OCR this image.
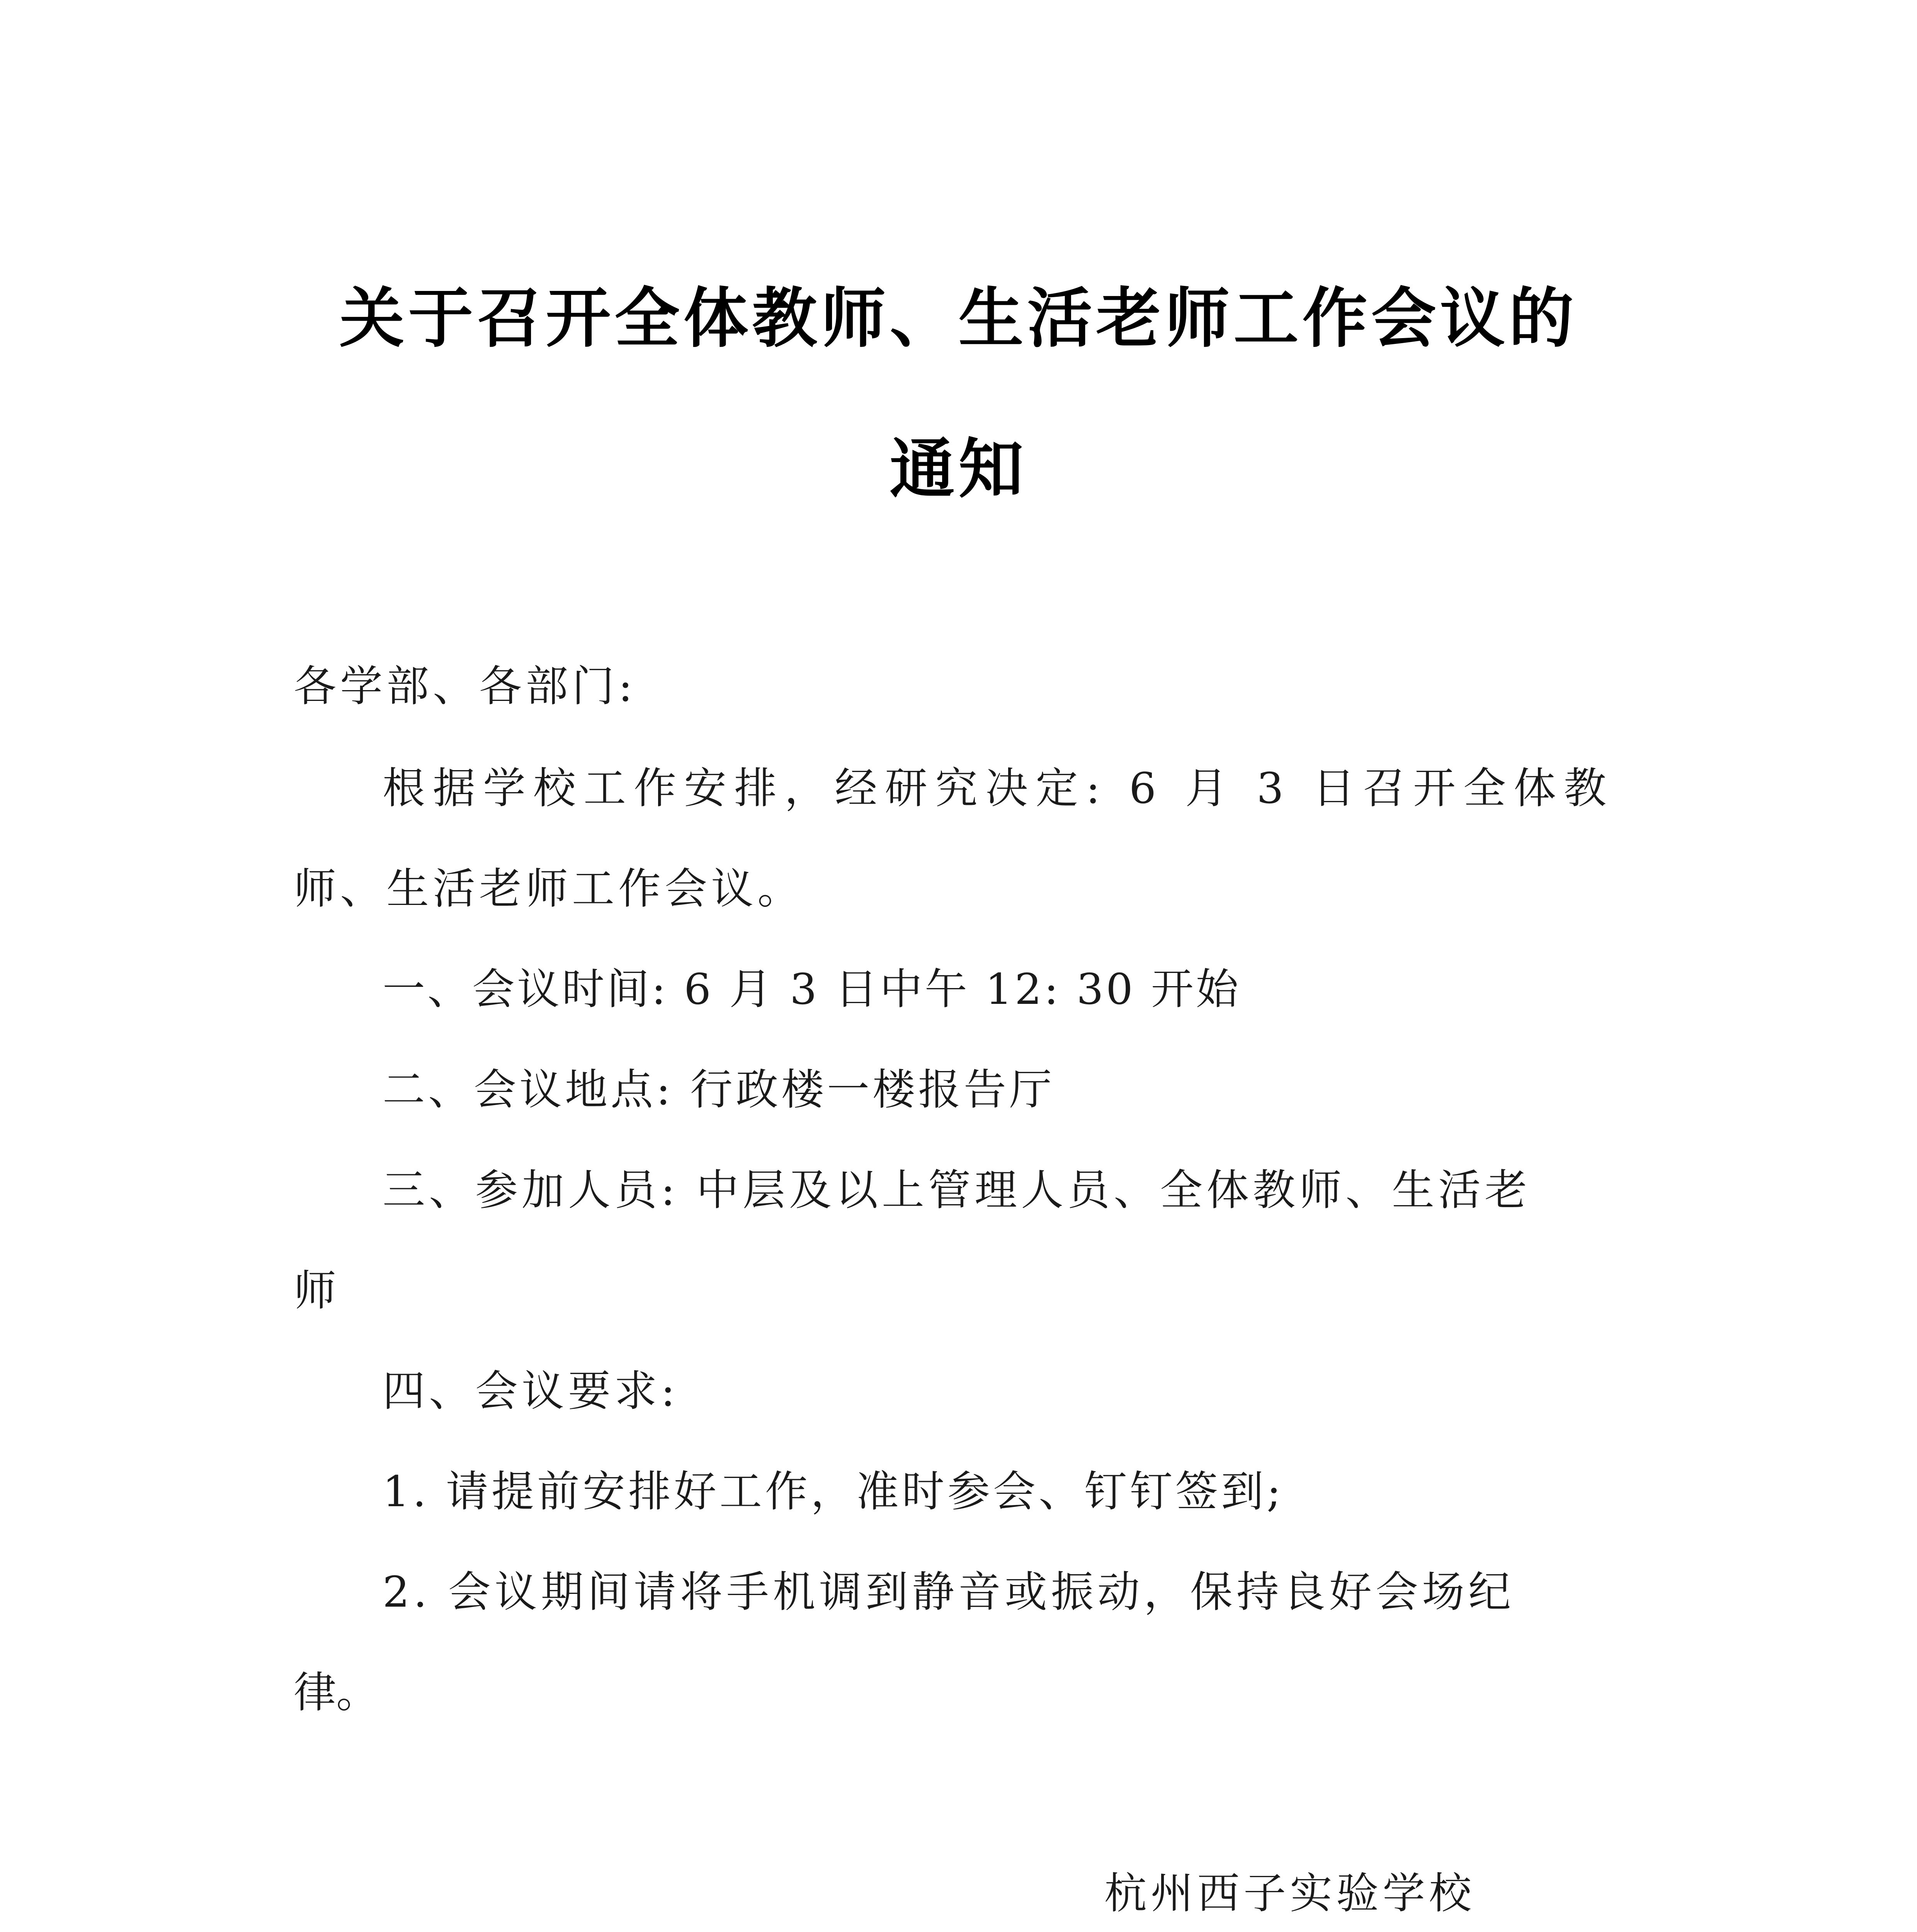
关于召开全体教师、生活老师工作会议的
通知
各学部、各部门:
根据学校工作安排，经研究决定: 6 月 3 日召开全体教
师、生活老师工作会议。
一、会议时间: 6 月 3 日中午 12: 30 开始
二、会议地点: 行政楼一楼报告厅
三、参加人员: 中层及以上管理人员、全体教师、生活老
师
四、会议要求:
1. 请提前安排好工作，准时参会、钉钉签到;
2. 会议期间请将手机调到静音或振动，保持良好会场纪
律。
杭州西子实验学校
